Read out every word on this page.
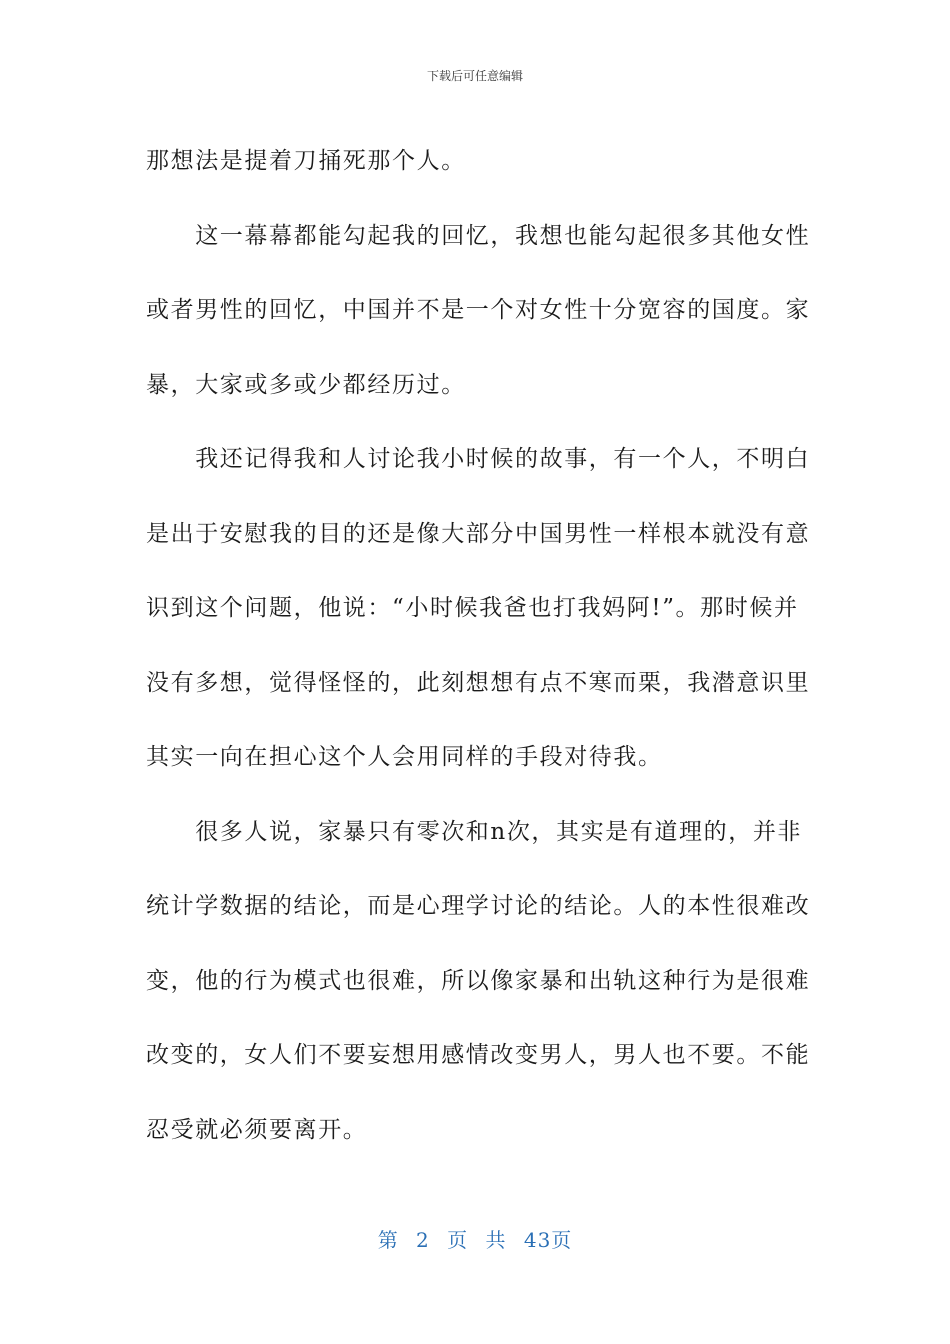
下载后可任意编辑
那想法是提着刀捅死那个人。
　　这一幕幕都能勾起我的回忆，我想也能勾起很多其他女性
或者男性的回忆，中国并不是一个对女性十分宽容的国度。家
暴，大家或多或少都经历过。
　　我还记得我和人讨论我小时候的故事，有一个人，不明白
是出于安慰我的目的还是像大部分中国男性一样根本就没有意
识到这个问题，他说：“小时候我爸也打我妈阿!”。那时候并
没有多想，觉得怪怪的，此刻想想有点不寒而栗，我潜意识里
其实一向在担心这个人会用同样的手段对待我。
　　很多人说，家暴只有零次和n次，其实是有道理的，并非
统计学数据的结论，而是心理学讨论的结论。人的本性很难改
变，他的行为模式也很难，所以像家暴和出轨这种行为是很难
改变的，女人们不要妄想用感情改变男人，男人也不要。不能
忍受就必须要离开。
第 2 页 共 43页
